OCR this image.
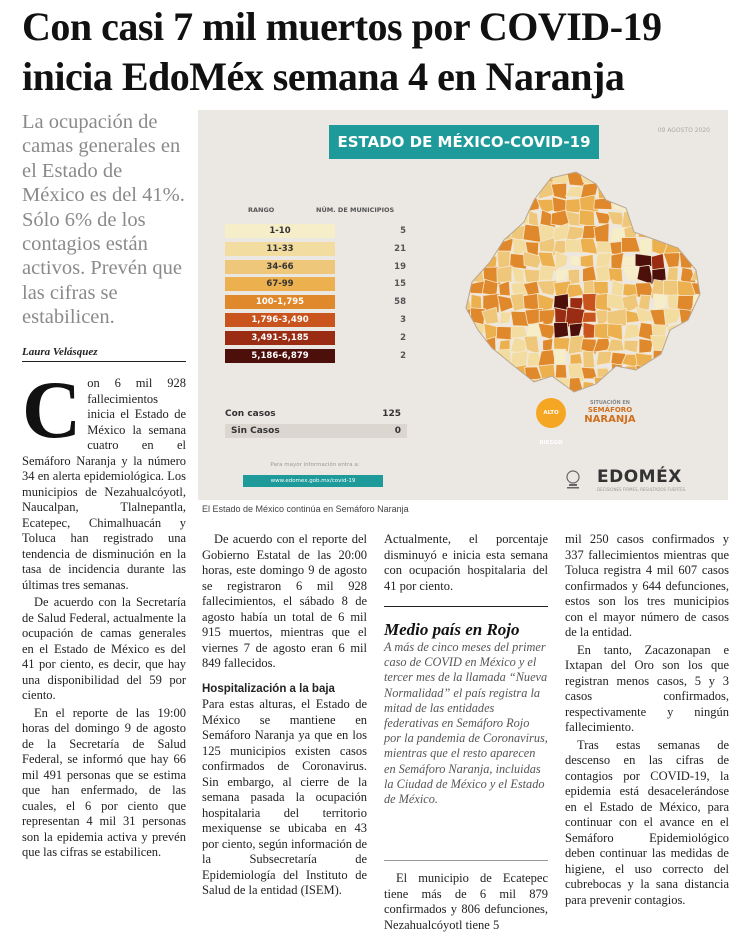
Con casi 7 mil muertos por COVID-19
inicia EdoMéx semana 4 en Naranja
La ocupación de camas generales en el Estado de México es del 41%. Sólo 6% de los contagios están activos. Prevén que las cifras se estabilicen.
Laura Velásquez
ESTADO DE MÉXICO-COVID-19
09 AGOSTO 2020
RANGO	NÚM. DE MUNICIPIOS
1-10	5
11-33	21
34-66	19
67-99	15
100-1,795	58
1,796-3,490	3
3,491-5,185	2
5,186-6,879	2
Con casos	125
Sin Casos	0
Para mayor información entra a:
www.edomex.gob.mx/covid-19
ALTO RIESGO
SITUACIÓN EN
SEMÁFORO
NARANJA
EDOMÉX
DECISIONES FIRMES, RESULTADOS FUERTES.
El Estado de México continúa en Semáforo Naranja

Con 6 mil 928 fallecimientos inicia el Estado de México la semana cuatro en el Semáforo Naranja y la número 34 en alerta epidemiológica. Los municipios de Nezahualcóyotl, Naucalpan, Tlalnepantla, Ecatepec, Chimalhuacán y Toluca han registrado una tendencia de disminución en la tasa de incidencia durante las últimas tres semanas.

De acuerdo con la Secretaría de Salud Federal, actualmente la ocupación de camas generales en el Estado de México es del 41 por ciento, es decir, que hay una disponibilidad del 59 por ciento.

En el reporte de las 19:00 horas del domingo 9 de agosto de la Secretaría de Salud Federal, se informó que hay 66 mil 491 personas que se estima que han enfermado, de las cuales, el 6 por ciento que representan 4 mil 31 personas son la epidemia activa y prevén que las cifras se estabilicen.

De acuerdo con el reporte del Gobierno Estatal de las 20:00 horas, este domingo 9 de agosto se registraron 6 mil 928 fallecimientos, el sábado 8 de agosto había un total de 6 mil 915 muertos, mientras que el viernes 7 de agosto eran 6 mil 849 fallecidos.

Hospitalización a la baja

Para estas alturas, el Estado de México se mantiene en Semáforo Naranja ya que en los 125 municipios existen casos confirmados de Coronavirus. Sin embargo, al cierre de la semana pasada la ocupación hospitalaria del territorio mexiquense se ubicaba en 43 por ciento, según información de la Subsecretaría de Epidemiología del Instituto de Salud de la entidad (ISEM).

Actualmente, el porcentaje disminuyó e inicia esta semana con ocupación hospitalaria del 41 por ciento.

Medio país en Rojo
A más de cinco meses del primer caso de COVID en México y el tercer mes de la llamada “Nueva Normalidad” el país registra la mitad de las entidades federativas en Semáforo Rojo por la pandemia de Coronavirus, mientras que el resto aparecen en Semáforo Naranja, incluidas la Ciudad de México y el Estado de México.

El municipio de Ecatepec tiene más de 6 mil 879 confirmados y 806 defunciones, Nezahualcóyotl tiene 5

mil 250 casos confirmados y 337 fallecimientos mientras que Toluca registra 4 mil 607 casos confirmados y 644 defunciones, estos son los tres municipios con el mayor número de casos de la entidad.

En tanto, Zacazonapan e Ixtapan del Oro son los que registran menos casos, 5 y 3 casos confirmados, respectivamente y ningún fallecimiento.

Tras estas semanas de descenso en las cifras de contagios por COVID-19, la epidemia está desacelerándose en el Estado de México, para continuar con el avance en el Semáforo Epidemiológico deben continuar las medidas de higiene, el uso correcto del cubrebocas y la sana distancia para prevenir contagios.
